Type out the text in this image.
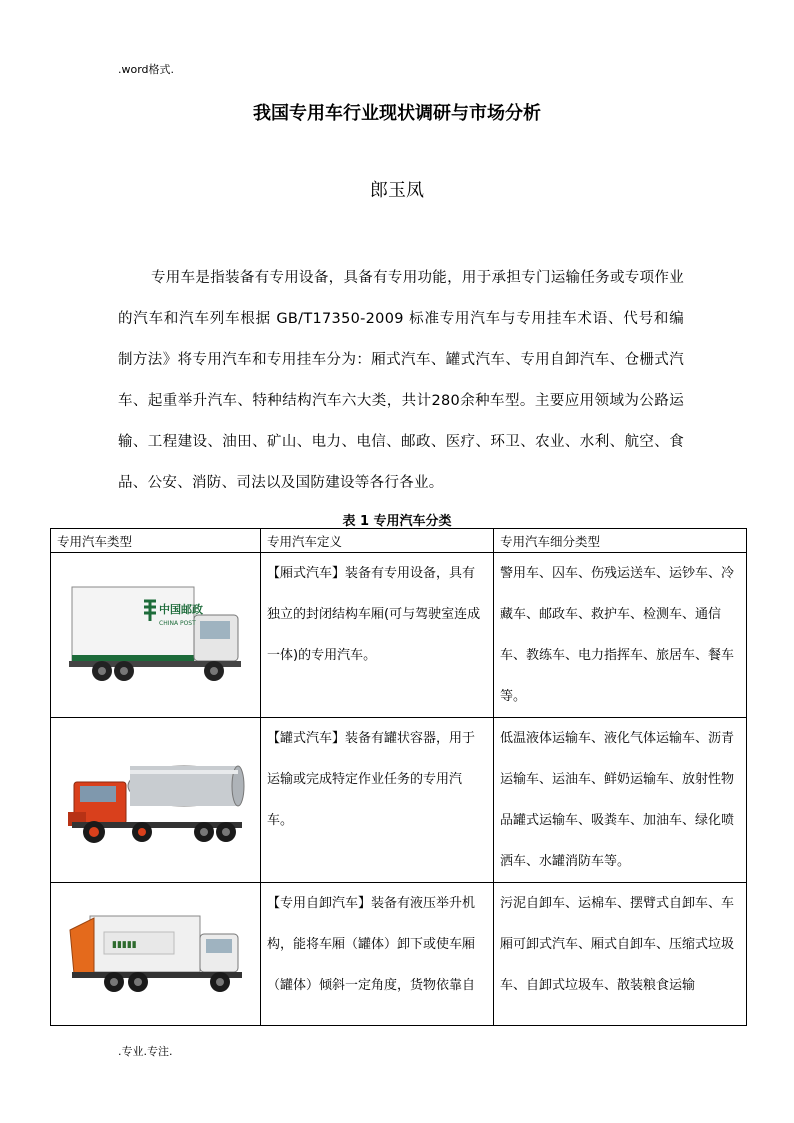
.word格式.
我国专用车行业现状调研与市场分析
郎玉凤
专用车是指装备有专用设备，具备有专用功能，用于承担专门运输任务或专项作业的汽车和汽车列车根据 GB/T17350-2009 标准专用汽车与专用挂车术语、代号和编制方法》将专用汽车和专用挂车分为：厢式汽车、罐式汽车、专用自卸汽车、仓栅式汽车、起重举升汽车、特种结构汽车六大类，共计280余种车型。主要应用领域为公路运输、工程建设、油田、矿山、电力、电信、邮政、医疗、环卫、农业、水利、航空、食品、公安、消防、司法以及国防建设等各行各业。
表 1 专用汽车分类
专用汽车类型	专用汽车定义	专用汽车细分类型

中国邮政
CHINA POST	【厢式汽车】装备有专用设备，具有独立的封闭结构车厢(可与驾驶室连成一体)的专用汽车。	警用车、囚车、伤残运送车、运钞车、冷藏车、邮政车、救护车、检测车、通信车、教练车、电力指挥车、旅居车、餐车等。

	【罐式汽车】装备有罐状容器，用于运输或完成特定作业任务的专用汽车。	低温液体运输车、液化气体运输车、沥青运输车、运油车、鲜奶运输车、放射性物品罐式运输车、吸粪车、加油车、绿化喷洒车、水罐消防车等。

▮▮▮▮▮	【专用自卸汽车】装备有液压举升机构，能将车厢（罐体）卸下或使车厢（罐体）倾斜一定角度，货物依靠自	污泥自卸车、运棉车、摆臂式自卸车、车厢可卸式汽车、厢式自卸车、压缩式垃圾车、自卸式垃圾车、散装粮食运输
.专业.专注.
